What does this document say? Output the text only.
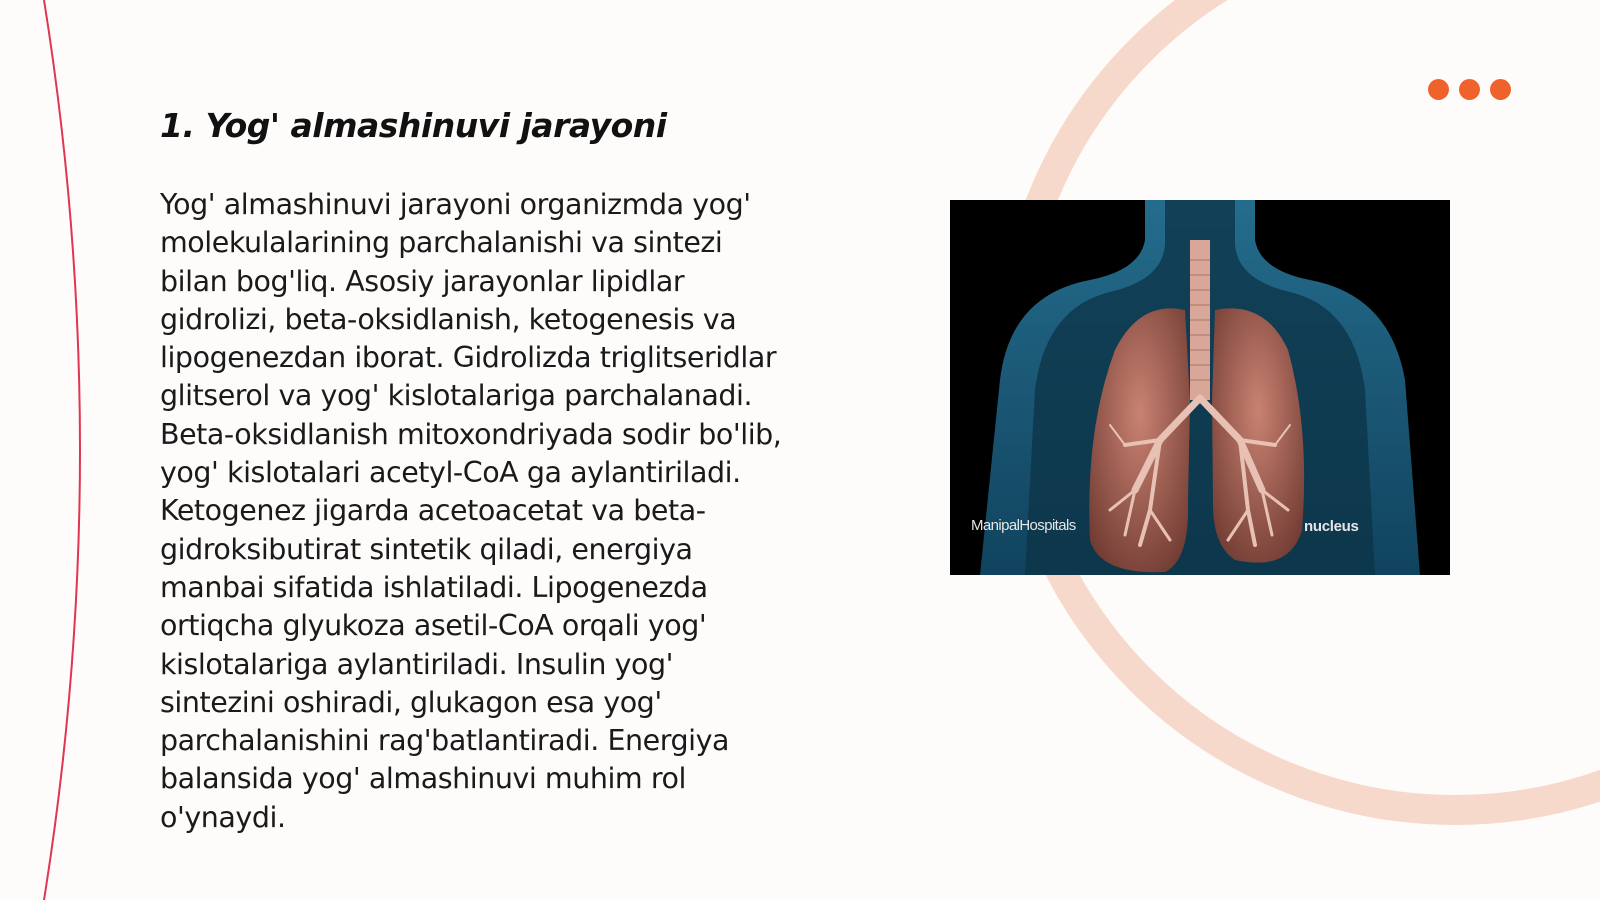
1. Yog' almashinuvi jarayoni
Yog' almashinuvi jarayoni organizmda yog'
molekulalarining parchalanishi va sintezi
bilan bog'liq. Asosiy jarayonlar lipidlar
gidrolizi, beta-oksidlanish, ketogenesis va
lipogenezdan iborat. Gidrolizda triglitseridlar
glitserol va yog' kislotalariga parchalanadi.
Beta-oksidlanish mitoxondriyada sodir bo'lib,
yog' kislotalari acetyl-CoA ga aylantiriladi.
Ketogenez jigarda acetoacetat va beta-
gidroksibutirat sintetik qiladi, energiya
manbai sifatida ishlatiladi. Lipogenezda
ortiqcha glyukoza asetil-CoA orqali yog'
kislotalariga aylantiriladi. Insulin yog'
sintezini oshiradi, glukagon esa yog'
parchalanishini rag'batlantiradi. Energiya
balansida yog' almashinuvi muhim rol
o'ynaydi.
ManipalHospitals	nucleus
